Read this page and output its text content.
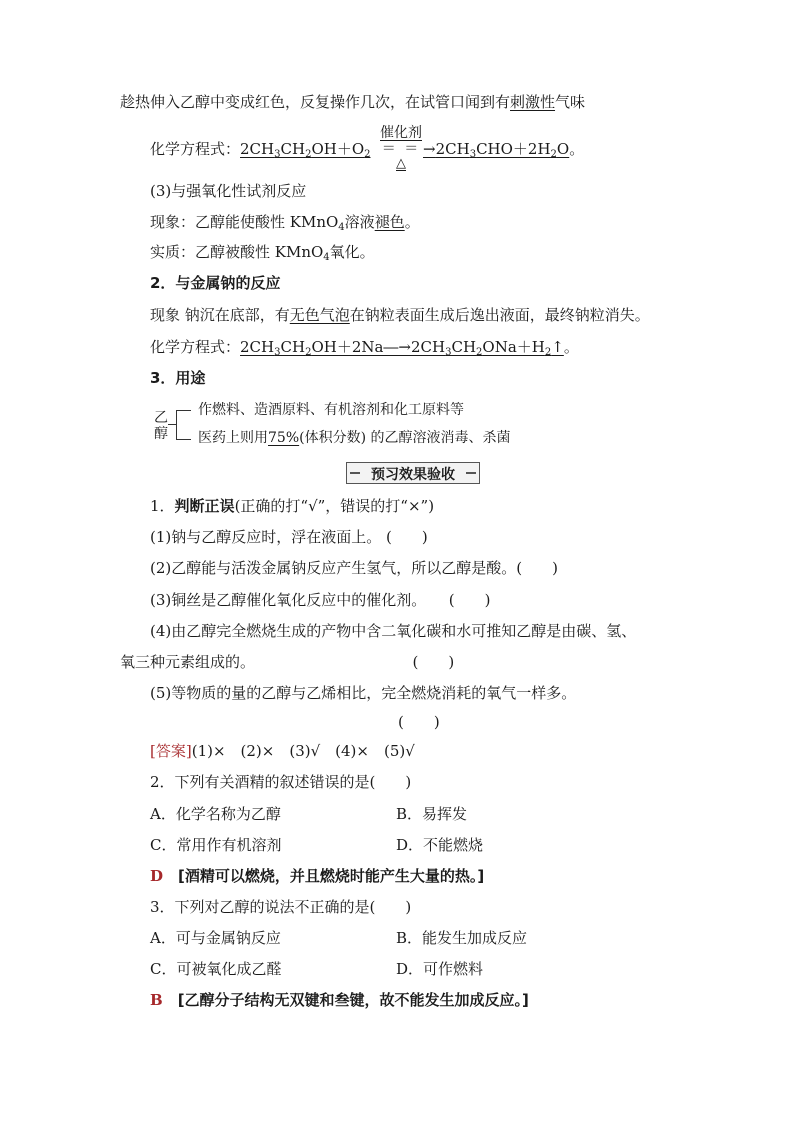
趁热伸入乙醇中变成红色，反复操作几次，在试管口闻到有刺激性气味
化学方程式：$2CH_3CH_2OH+O_2$
催化剂
＝ ＝
△
$\to 2CH_3CHO+2H_2O$。
(3)与强氧化性试剂反应
现象：乙醇能使酸性 KMnO$_4$溶液褪色。
实质：乙醇被酸性 KMnO$_4$氧化。
2．与金属钠的反应
现象 钠沉在底部，有无色气泡在钠粒表面生成后逸出液面，最终钠粒消失。
化学方程式：$2CH_3CH_2OH+2Na―\to 2CH_3CH_2ONa+H_2↑$。
3．用途
乙
醇
作燃料、造酒原料、有机溶剂和化工原料等
医药上则用75%(体积分数) 的乙醇溶液消毒、杀菌
预习效果验收
1．判断正误(正确的打“√”，错误的打“×”)
(1)钠与乙醇反应时，浮在液面上。 (　　)
(2)乙醇能与活泼金属钠反应产生氢气，所以乙醇是酸。(　　)
(3)铜丝是乙醇催化氧化反应中的催化剂。　　(　　)
(4)由乙醇完全燃烧生成的产物中含二氧化碳和水可推知乙醇是由碳、氢、
氧三种元素组成的。　　　　　　　　　　　(　　)
(5)等物质的量的乙醇与乙烯相比，完全燃烧消耗的氧气一样多。
(　　)
[答案](1)×　(2)×　(3)√　(4)×　(5)√
2．下列有关酒精的叙述错误的是(　　)
A．化学名称为乙醇	B．易挥发
C．常用作有机溶剂	D．不能燃烧
D　 [酒精可以燃烧，并且燃烧时能产生大量的热。]
3．下列对乙醇的说法不正确的是(　　)
A．可与金属钠反应	B．能发生加成反应
C．可被氧化成乙醛	D．可作燃料
B　 [乙醇分子结构无双键和叁键，故不能发生加成反应。]
